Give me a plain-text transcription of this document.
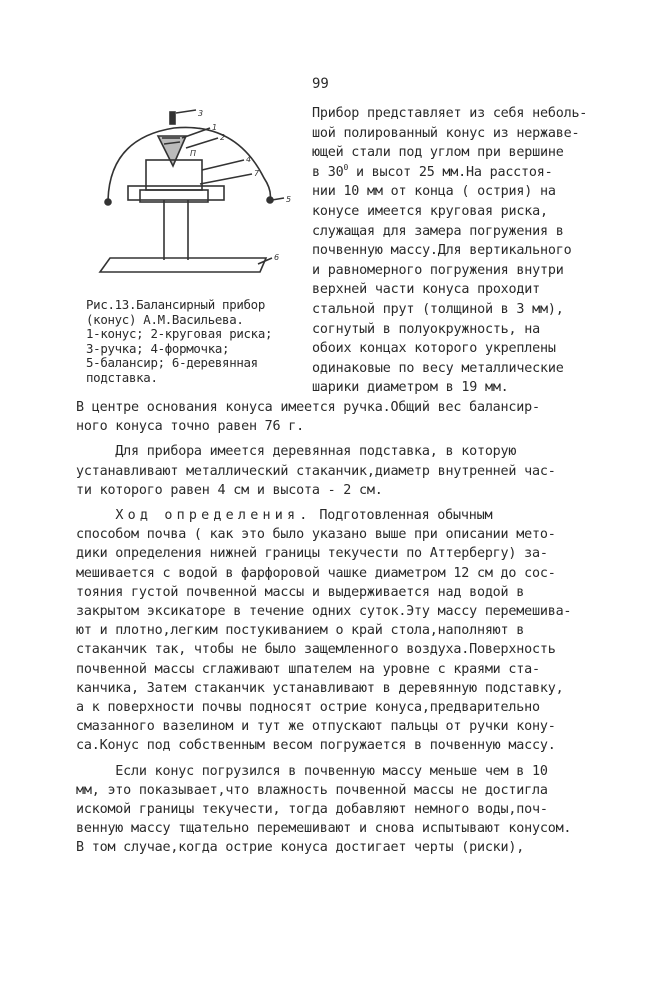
99
3
1
2
4
7
5
6
П
Рис.13.Балансирный прибор
(конус) А.М.Васильева.
1-конус; 2-круговая риска;
3-ручка; 4-формочка;
5-балансир; 6-деревянная
подставка.
Прибор представляет из себя неболь-
шой полированный конус из нержаве-
ющей стали под углом при вершине
в $30^0$ и высот 25 мм.На расстоя-
нии 10 мм от конца ( острия) на
конусе имеется круговая риска,
служащая для замера погружения в
почвенную массу.Для вертикального
и равномерного погружения внутри
верхней части конуса проходит
стальной прут (толщиной в 3 мм),
согнутый в полуокружность, на
обоих концах которого укреплены
одинаковые по весу металлические
шарики диаметром в 19 мм.
В центре основания конуса имеется ручка.Общий вес балансир-
ного конуса точно равен 76 г.
Для прибора имеется деревянная подставка, в которую
устанавливают металлический стаканчик,диаметр внутренней час-
ти которого равен 4 см и высота - 2 см.
Ход определения. Подготовленная обычным
способом почва ( как это было указано выше при описании мето-
дики определения нижней границы текучести по Аттербергу) за-
мешивается с водой в фарфоровой чашке диаметром 12 см до сос-
тояния густой почвенной массы и выдерживается над водой в
закрытом эксикаторе в течение одних суток.Эту массу перемешива-
ют и плотно,легким постукиванием о край стола,наполняют в
стаканчик так, чтобы не было защемленного воздуха.Поверхность
почвенной массы сглаживают шпателем на уровне с краями ста-
канчика, Затем стаканчик устанавливают в деревянную подставку,
а к поверхности почвы подносят острие конуса,предварительно
смазанного вазелином и тут же отпускают пальцы от ручки кону-
са.Конус под собственным весом погружается в почвенную массу.
Если конус погрузился в почвенную массу меньше чем в 10
мм, это показывает,что влажность почвенной массы не достигла
искомой границы текучести, тогда добавляют немного воды,поч-
венную массу тщательно перемешивают и снова испытывают конусом.
В том случае,когда острие конуса достигает черты (риски),
